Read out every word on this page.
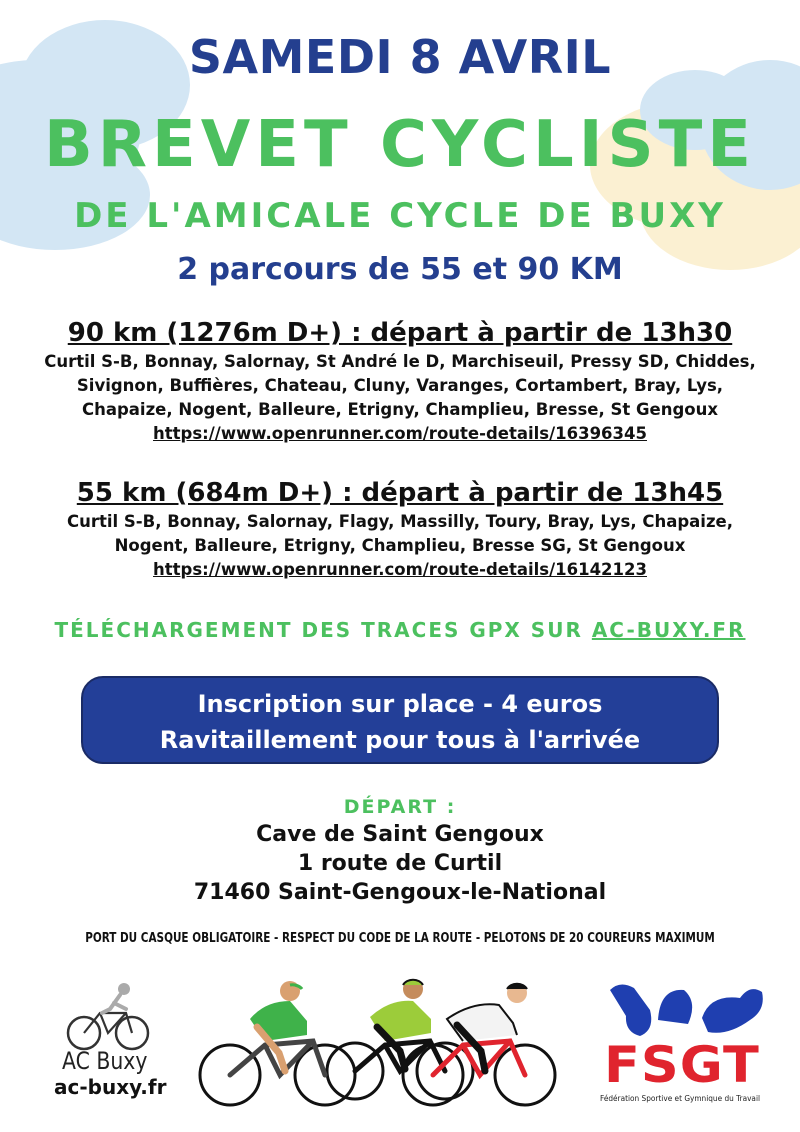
SAMEDI 8 AVRIL
BREVET CYCLISTE
DE L'AMICALE CYCLE DE BUXY
2 parcours de 55 et 90 KM
90 km (1276m D+) : départ à partir de 13h30
Curtil S-B, Bonnay, Salornay, St André le D, Marchiseuil, Pressy SD, Chiddes,
Sivignon, Buffières, Chateau, Cluny, Varanges, Cortambert, Bray, Lys,
Chapaize, Nogent, Balleure, Etrigny, Champlieu, Bresse, St Gengoux
https://www.openrunner.com/route-details/16396345
55 km (684m D+) : départ à partir de 13h45
Curtil S-B, Bonnay, Salornay, Flagy, Massilly, Toury, Bray, Lys, Chapaize,
Nogent, Balleure, Etrigny, Champlieu, Bresse SG, St Gengoux
https://www.openrunner.com/route-details/16142123
TÉLÉCHARGEMENT DES TRACES GPX SUR AC-BUXY.FR
Inscription sur place - 4 euros
Ravitaillement pour tous à l'arrivée
DÉPART :
Cave de Saint Gengoux
1 route de Curtil
71460 Saint-Gengoux-le-National
PORT DU CASQUE OBLIGATOIRE - RESPECT DU CODE DE LA ROUTE - PELOTONS DE 20 COUREURS MAXIMUM
AC Buxy
ac-buxy.fr	FSGT
Fédération Sportive et Gymnique du Travail
